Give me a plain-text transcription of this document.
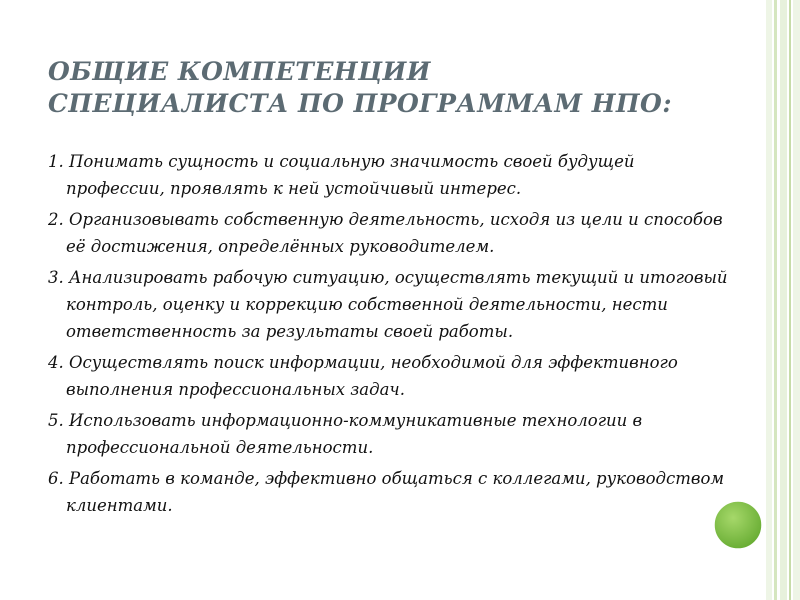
ОБЩИЕ КОМПЕТЕНЦИИ
СПЕЦИАЛИСТА ПО ПРОГРАММАМ НПО:
1. Понимать сущность и социальную значимость своей будущей профессии, проявлять к ней устойчивый интерес.
2. Организовывать собственную деятельность, исходя из цели и способов её достижения, определённых руководителем.
3. Анализировать рабочую ситуацию, осуществлять текущий и итоговый контроль, оценку и коррекцию собственной деятельности, нести ответственность за результаты своей работы.
4. Осуществлять поиск информации, необходимой для эффективного выполнения профессиональных задач.
5. Использовать информационно-коммуникативные технологии в профессиональной деятельности.
6. Работать в команде, эффективно общаться с коллегами, руководством клиентами.
